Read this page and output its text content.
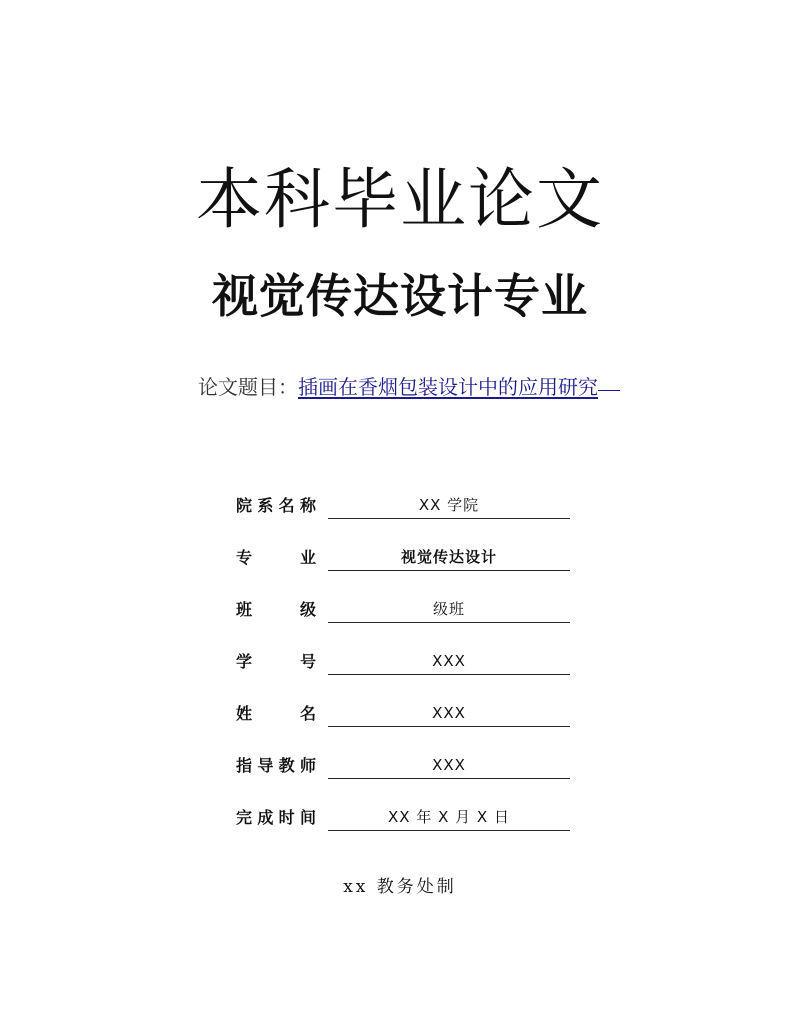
本科毕业论文
视觉传达设计专业
论文题目：插画在香烟包装设计中的应用研究
院系名称	XX 学院
专业	视觉传达设计
班级	级班
学号	XXX
姓名	XXX
指导教师	XXX
完成时间	XX 年 X 月 X 日
xx 教务处制
